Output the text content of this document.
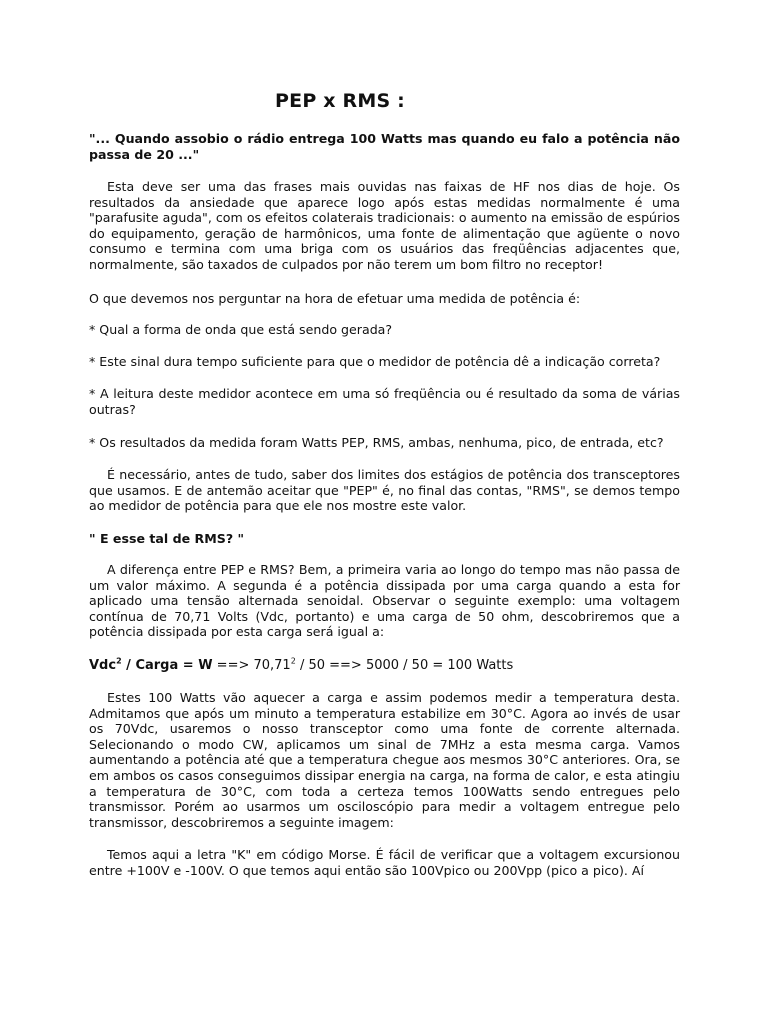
PEP x RMS :
"... Quando assobio o rádio entrega 100 Watts mas quando eu falo a potência não passa de 20 ..."
Esta deve ser uma das frases mais ouvidas nas faixas de HF nos dias de hoje. Os resultados da ansiedade que aparece logo após estas medidas normalmente é uma "parafusite aguda", com os efeitos colaterais tradicionais: o aumento na emissão de espúrios do equipamento, geração de harmônicos, uma fonte de alimentação que agüente o novo consumo e termina com uma briga com os usuários das freqüências adjacentes que, normalmente, são taxados de culpados por não terem um bom filtro no receptor!
O que devemos nos perguntar na hora de efetuar uma medida de potência é:
* Qual a forma de onda que está sendo gerada?
* Este sinal dura tempo suficiente para que o medidor de potência dê a indicação correta?
* A leitura deste medidor acontece em uma só freqüência ou é resultado da soma de várias outras?
* Os resultados da medida foram Watts PEP, RMS, ambas, nenhuma, pico, de entrada, etc?
É necessário, antes de tudo, saber dos limites dos estágios de potência dos transceptores que usamos. E de antemão aceitar que "PEP" é, no final das contas, "RMS", se demos tempo ao medidor de potência para que ele nos mostre este valor.
" E esse tal de RMS? "
A diferença entre PEP e RMS? Bem, a primeira varia ao longo do tempo mas não passa de um valor máximo. A segunda é a potência dissipada por uma carga quando a esta for aplicado uma tensão alternada senoidal. Observar o seguinte exemplo: uma voltagem contínua de 70,71 Volts (Vdc, portanto) e uma carga de 50 ohm, descobriremos que a potência dissipada por esta carga será igual a:
Vdc$^2$ / Carga = W ==> $70,71^2 / 50$ ==> 5000 / 50 = 100 Watts
Estes 100 Watts vão aquecer a carga e assim podemos medir a temperatura desta. Admitamos que após um minuto a temperatura estabilize em 30°C. Agora ao invés de usar os 70Vdc, usaremos o nosso transceptor como uma fonte de corrente alternada. Selecionando o modo CW, aplicamos um sinal de 7MHz a esta mesma carga. Vamos aumentando a potência até que a temperatura chegue aos mesmos 30°C anteriores. Ora, se em ambos os casos conseguimos dissipar energia na carga, na forma de calor, e esta atingiu a temperatura de 30°C, com toda a certeza temos 100Watts sendo entregues pelo transmissor. Porém ao usarmos um osciloscópio para medir a voltagem entregue pelo transmissor, descobriremos a seguinte imagem:
Temos aqui a letra "K" em código Morse. É fácil de verificar que a voltagem excursionou entre +100V e -100V. O que temos aqui então são 100Vpico ou 200Vpp (pico a pico). Aí
